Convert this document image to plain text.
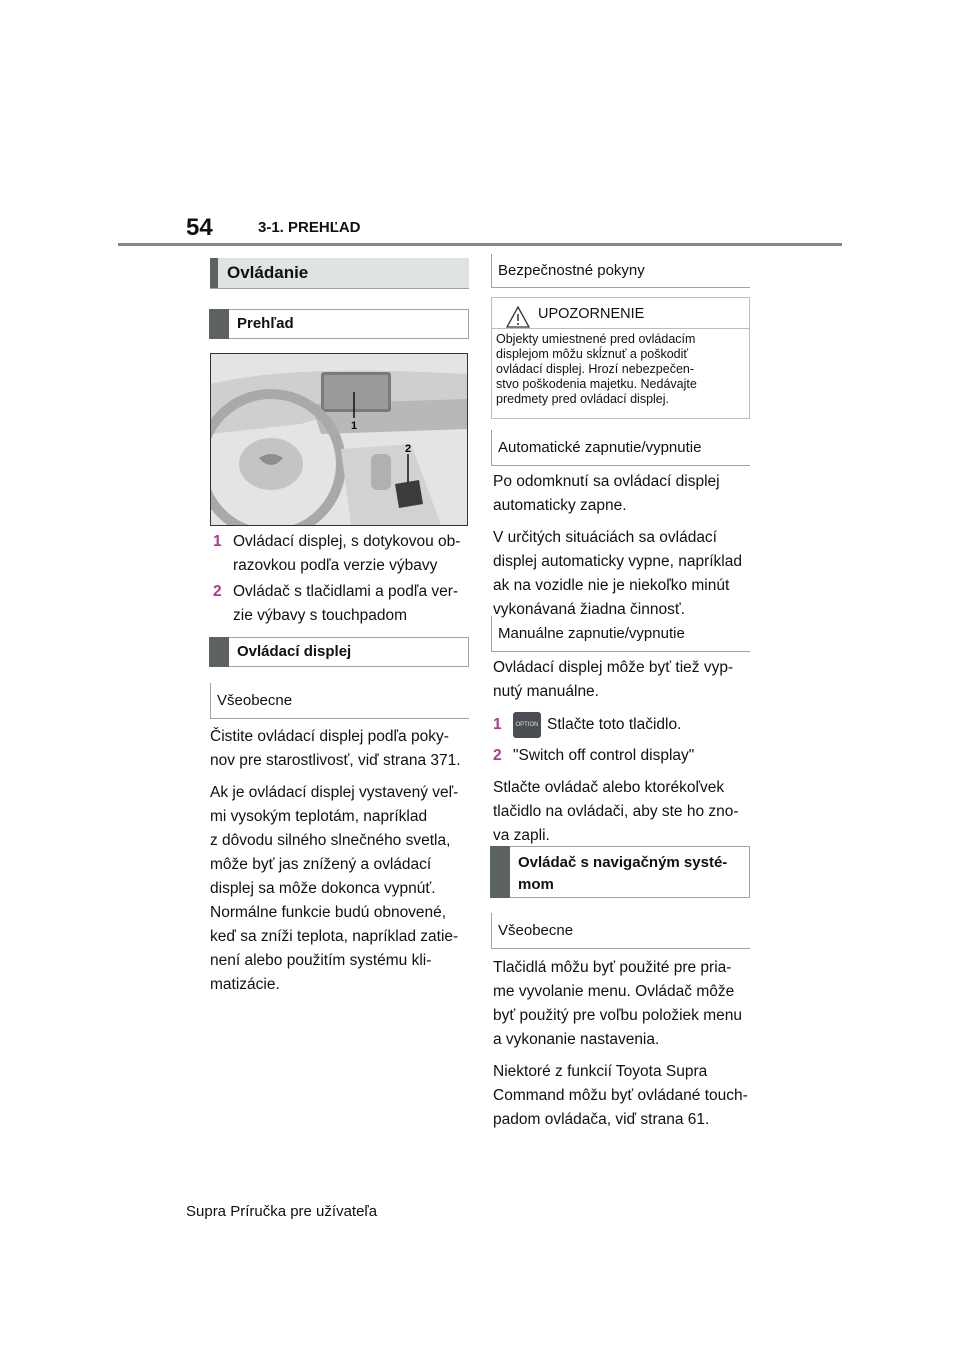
54	3-1. PREHĽAD
Ovládanie
Prehľad
1
2
1 Ovládací displej, s dotykovou ob-
razovkou podľa verzie výbavy
2 Ovládač s tlačidlami a podľa ver-
zie výbavy s touchpadom
Ovládací displej
Všeobecne

Čistite ovládací displej podľa poky-
nov pre starostlivosť, viď strana 371.

Ak je ovládací displej vystavený veľ-
mi vysokým teplotám, napríklad
z dôvodu silného slnečného svetla,
môže byť jas znížený a ovládací
displej sa môže dokonca vypnúť.
Normálne funkcie budú obnovené,
keď sa zníži teplota, napríklad zatie-
není alebo použitím systému kli-
matizácie.

Bezpečnostné pokyny
UPOZORNENIE
Objekty umiestnené pred ovládacím
displejom môžu skĺznuť a poškodiť
ovládací displej. Hrozí nebezpečen-
stvo poškodenia majetku. Nedávajte
predmety pred ovládací displej.
Automatické zapnutie/vypnutie

Po odomknutí sa ovládací displej
automaticky zapne.

V určitých situáciách sa ovládací
displej automaticky vypne, napríklad
ak na vozidle nie je niekoľko minút
vykonávaná žiadna činnosť.

Manuálne zapnutie/vypnutie

Ovládací displej môže byť tiež vyp-
nutý manuálne.

1 OPTION Stlačte toto tlačidlo.
2 "Switch off control display"

Stlačte ovládač alebo ktorékoľvek
tlačidlo na ovládači, aby ste ho zno-
va zapli.

Ovládač s navigačným systé-
mom
Všeobecne

Tlačidlá môžu byť použité pre pria-
me vyvolanie menu. Ovládač môže
byť použitý pre voľbu položiek menu
a vykonanie nastavenia.

Niektoré z funkcií Toyota Supra
Command môžu byť ovládané touch-
padom ovládača, viď strana 61.

Supra Príručka pre užívateľa
